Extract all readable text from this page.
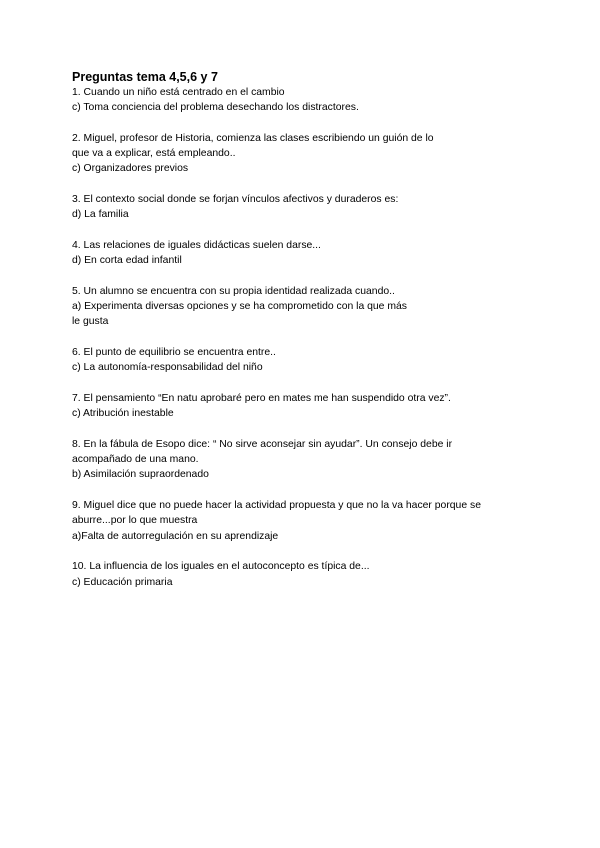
Preguntas tema 4,5,6 y 7

1. Cuando un niño está centrado en el cambio
c) Toma conciencia del problema desechando los distractores.
2. Miguel, profesor de Historia, comienza las clases escribiendo un guión de lo
que va a explicar, está empleando..
c) Organizadores previos
3. El contexto social donde se forjan vínculos afectivos y duraderos es:
d) La familia
4. Las relaciones de iguales didácticas suelen darse...
d) En corta edad infantil
5. Un alumno se encuentra con su propia identidad realizada cuando..
a) Experimenta diversas opciones y se ha comprometido con la que más
le gusta
6. El punto de equilibrio se encuentra entre..
c) La autonomía-responsabilidad del niño
7. El pensamiento “En natu aprobaré pero en mates me han suspendido otra vez”.
c) Atribución inestable
8. En la fábula de Esopo dice: “ No sirve aconsejar sin ayudar”. Un consejo debe ir
acompañado de una mano.
b) Asimilación supraordenado
9. Miguel dice que no puede hacer la actividad propuesta y que no la va hacer porque se
aburre...por lo que muestra
a)Falta de autorregulación en su aprendizaje
10. La influencia de los iguales en el autoconcepto es típica de...
c) Educación primaria
